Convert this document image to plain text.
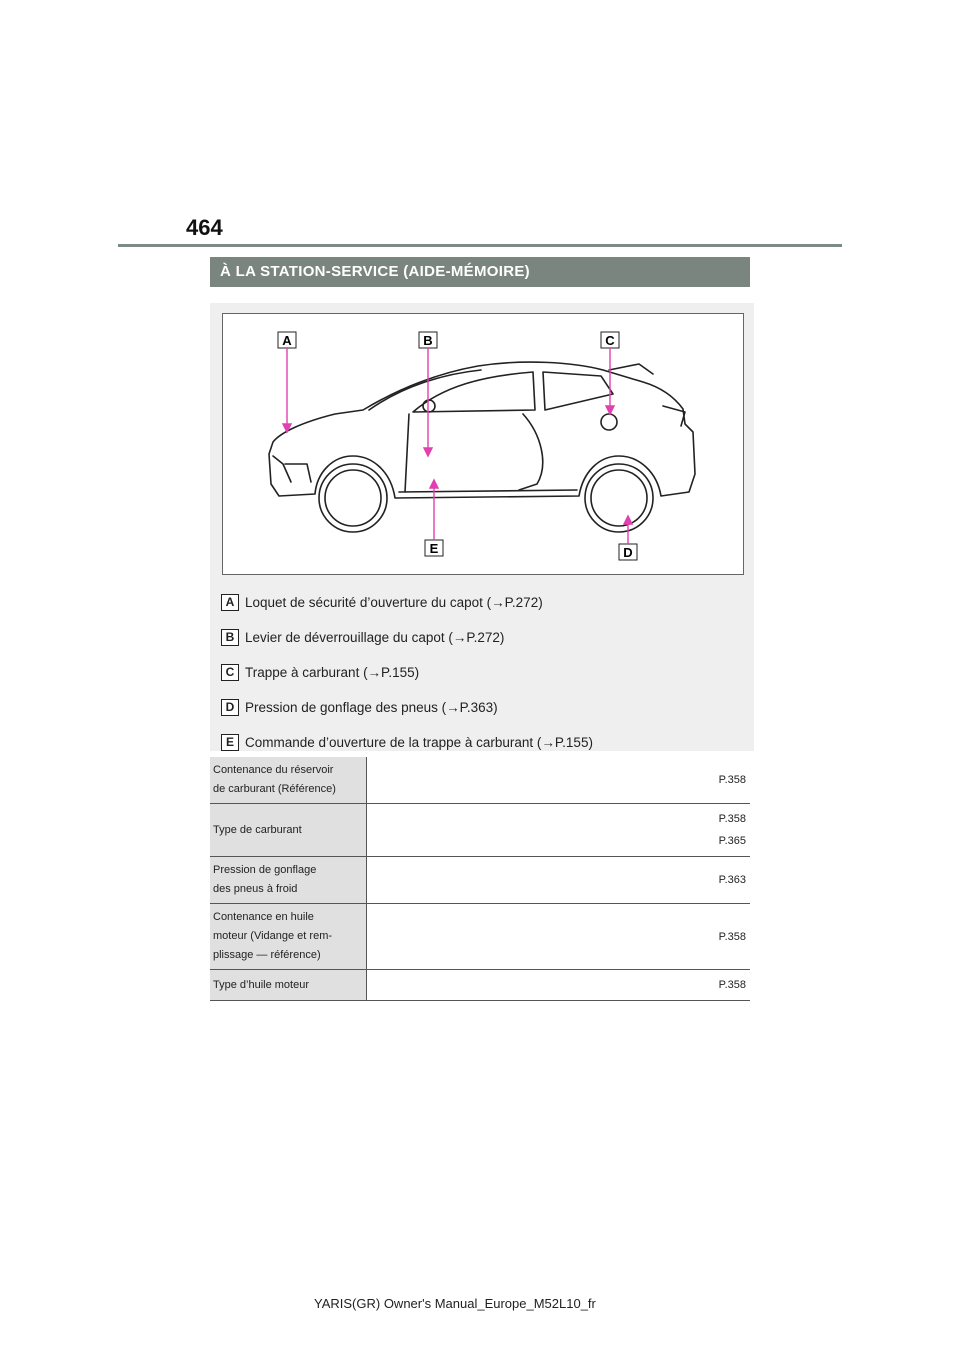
464
À LA STATION-SERVICE (AIDE-MÉMOIRE)
A	B	C
D
E
A Loquet de sécurité d’ouverture du capot (→P.272)
B Levier de déverrouillage du capot (→P.272)
C Trappe à carburant (→P.155)
D Pression de gonflage des pneus (→P.363)
E Commande d’ouverture de la trappe à carburant (→P.155)
Contenance du réservoir
de carburant (Référence)	P.358

Type de carburant	P.358
P.365

Pression de gonflage
des pneus à froid	P.363

Contenance en huile
moteur (Vidange et rem-
plissage — référence)	P.358

Type d’huile moteur	P.358
YARIS(GR) Owner's Manual_Europe_M52L10_fr
